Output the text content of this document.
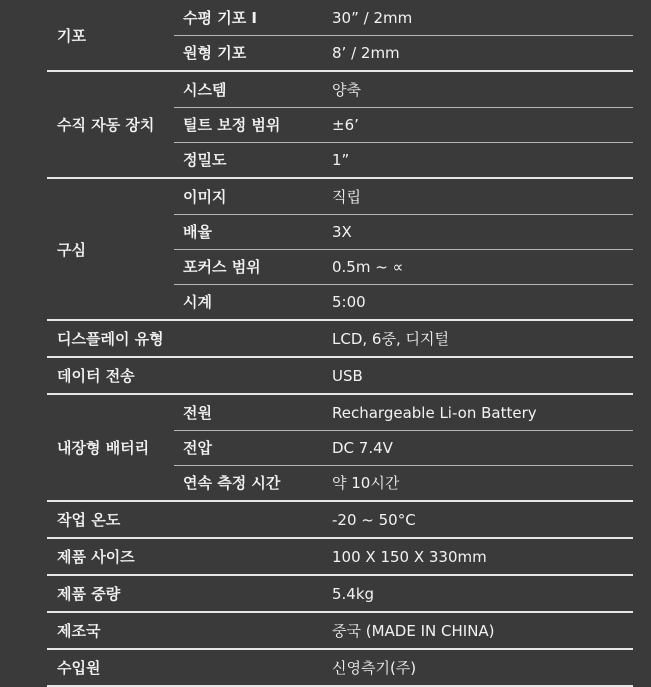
기포
수평 기포 I	30” / 2mm
원형 기포	8’ / 2mm
수직 자동 장치
시스템	양축
틸트 보정 범위	±6’
정밀도	1”
구심
이미지	직립
배율	3X
포커스 범위	0.5m ~ ∝
시계	5:00
디스플레이 유형	LCD, 6중, 디지털
데이터 전송	USB
내장형 배터리
전원	Rechargeable Li-on Battery
전압	DC 7.4V
연속 측정 시간	약 10시간
작업 온도	-20 ~ 50°C
제품 사이즈	100 X 150 X 330mm
제품 중량	5.4kg
제조국	중국 (MADE IN CHINA)
수입원	신영측기(주)
